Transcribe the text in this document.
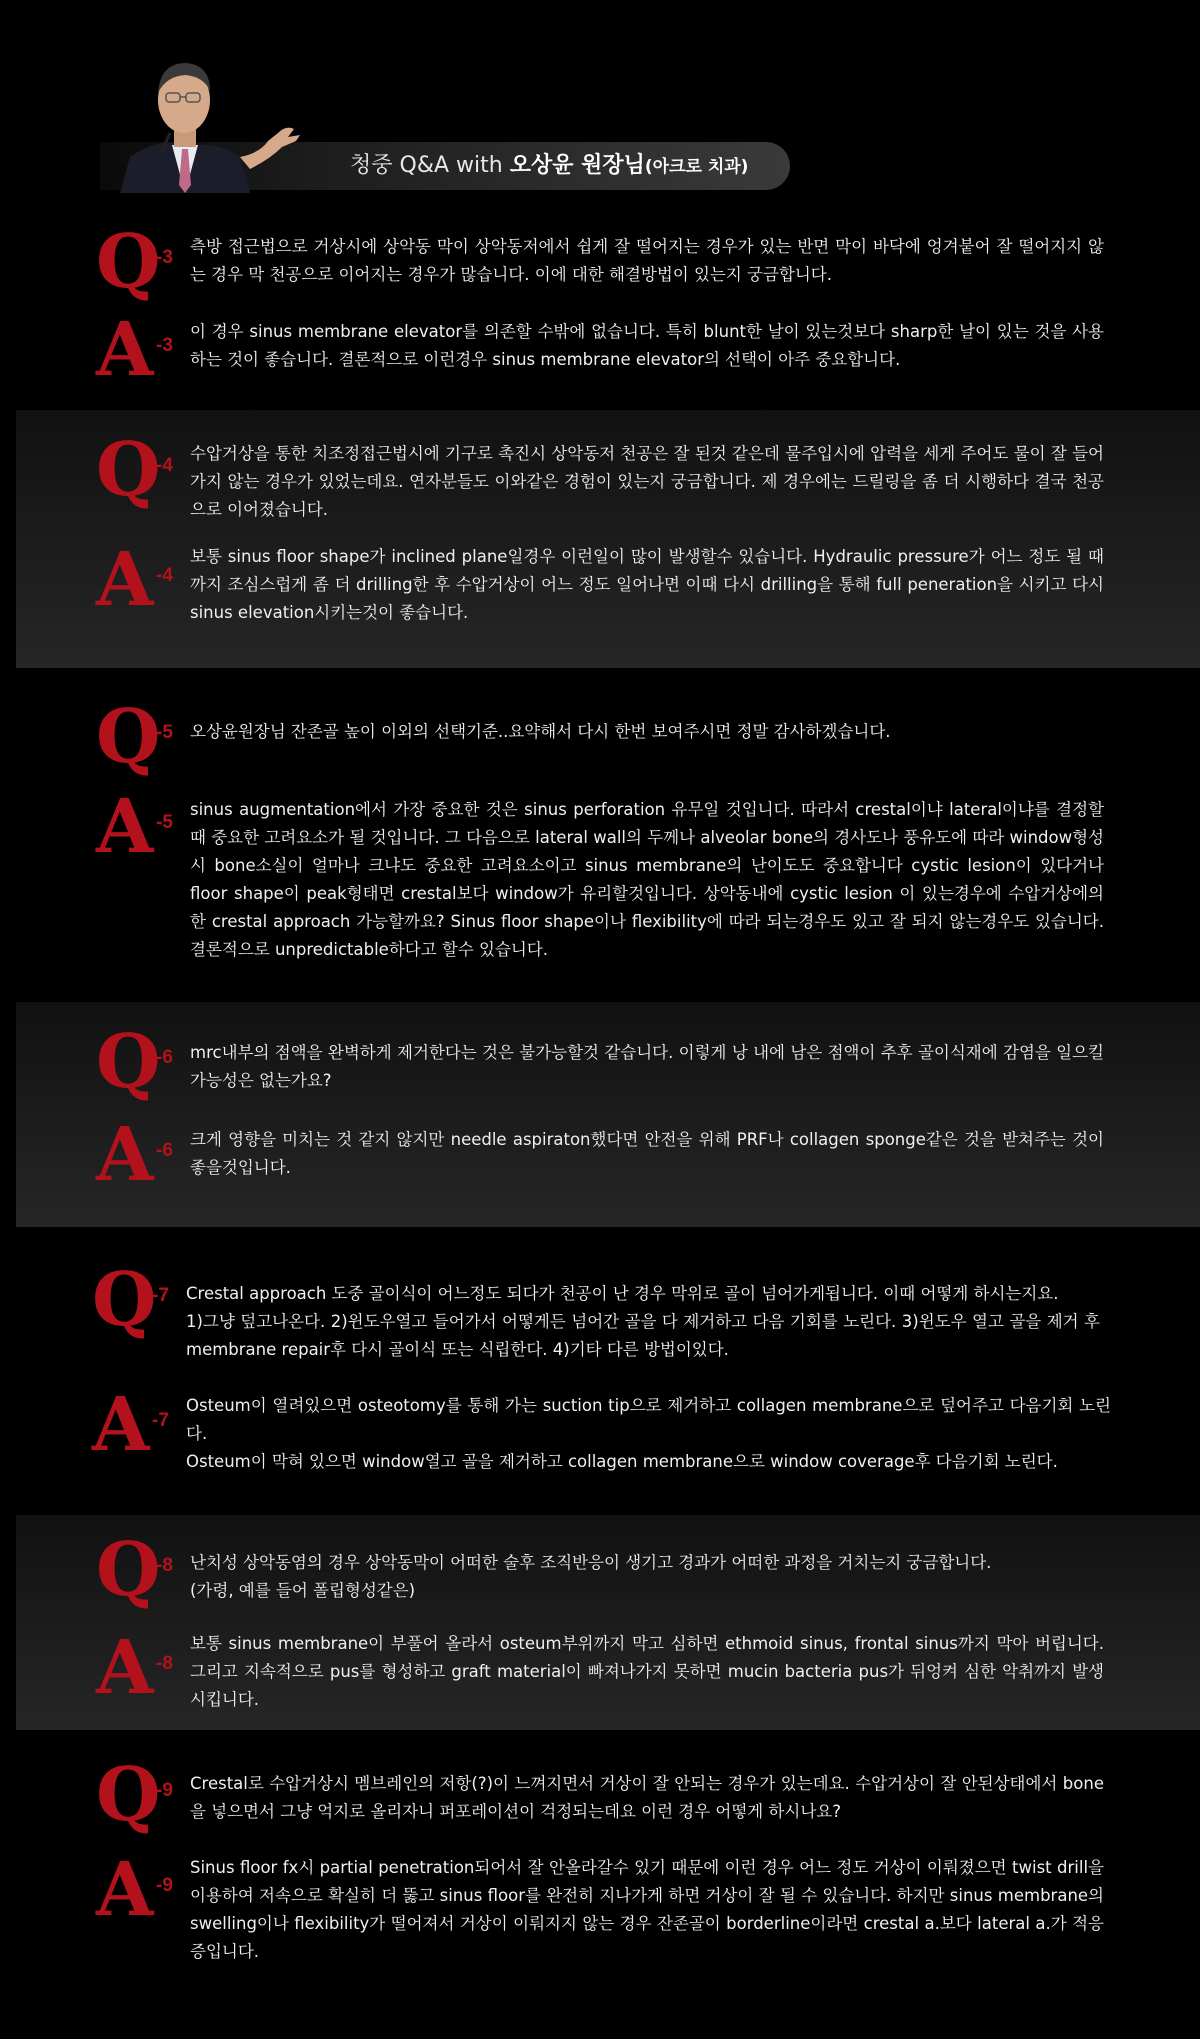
청중 Q&A with 오상윤 원장님(아크로 치과)
Q
-3
측방 접근법으로 거상시에 상악동 막이 상악동저에서 쉽게 잘 떨어지는 경우가 있는 반면 막이 바닥에 엉겨붙어 잘 떨어지지 않는 경우 막 천공으로 이어지는 경우가 많습니다. 이에 대한 해결방법이 있는지 궁금합니다.
A -3
이 경우 sinus membrane elevator를 의존할 수밖에 없습니다. 특히 blunt한 날이 있는것보다 sharp한 날이 있는 것을 사용하는 것이 좋습니다. 결론적으로 이런경우 sinus membrane elevator의 선택이 아주 중요합니다.
Q
-4
수압거상을 통한 치조정접근법시에 기구로 촉진시 상악동저 천공은 잘 된것 같은데 물주입시에 압력을 세게 주어도 물이 잘 들어가지 않는 경우가 있었는데요. 연자분들도 이와같은 경험이 있는지 궁금합니다. 제 경우에는 드릴링을 좀 더 시행하다 결국 천공으로 이어졌습니다.
A -4
보통 sinus floor shape가 inclined plane일경우 이런일이 많이 발생할수 있습니다. Hydraulic pressure가 어느 정도 될 때까지 조심스럽게 좀 더 drilling한 후 수압거상이 어느 정도 일어나면 이때 다시 drilling을 통해 full peneration을 시키고 다시 sinus elevation시키는것이 좋습니다.
Q
-5 오상윤원장님 잔존골 높이 이외의 선택기준..요약해서 다시 한번 보여주시면 정말 감사하겠습니다.
A -5
sinus augmentation에서 가장 중요한 것은 sinus perforation 유무일 것입니다. 따라서 crestal이냐 lateral이냐를 결정할 때 중요한 고려요소가 될 것입니다. 그 다음으로 lateral wall의 두께나 alveolar bone의 경사도나 풍유도에 따라 window형성 시 bone소실이 얼마나 크냐도 중요한 고려요소이고 sinus membrane의 난이도도 중요합니다 cystic lesion이 있다거나 floor shape이 peak형태면 crestal보다 window가 유리할것입니다. 상악동내에 cystic lesion 이 있는경우에 수압거상에의한 crestal approach 가능할까요? Sinus floor shape이나 flexibility에 따라 되는경우도 있고 잘 되지 않는경우도 있습니다. 결론적으로 unpredictable하다고 할수 있습니다.
Q
-6 mrc내부의 점액을 완벽하게 제거한다는 것은 불가능할것 같습니다. 이렇게 낭 내에 남은 점액이 추후 골이식재에 감염을 일으킬 가능성은 없는가요?
A -6
크게 영향을 미치는 것 같지 않지만 needle aspiraton했다면 안전을 위해 PRF나 collagen sponge같은 것을 받쳐주는 것이 좋을것입니다.
Q
-7 Crestal approach 도중 골이식이 어느정도 되다가 천공이 난 경우 막위로 골이 넘어가게됩니다. 이때 어떻게 하시는지요.
1)그냥 덮고나온다. 2)윈도우열고 들어가서 어떻게든 넘어간 골을 다 제거하고 다음 기회를 노린다. 3)윈도우 열고 골을 제거 후 membrane repair후 다시 골이식 또는 식립한다. 4)기타 다른 방법이있다.
A -7
Osteum이 열려있으면 osteotomy를 통해 가는 suction tip으로 제거하고 collagen membrane으로 덮어주고 다음기회 노린다.
Osteum이 막혀 있으면 window열고 골을 제거하고 collagen membrane으로 window coverage후 다음기회 노린다.
Q
-8 난치성 상악동염의 경우 상악동막이 어떠한 술후 조직반응이 생기고 경과가 어떠한 과정을 거치는지 궁금합니다.
(가령, 예를 들어 폴립형성같은)
A -8
보통 sinus membrane이 부풀어 올라서 osteum부위까지 막고 심하면 ethmoid sinus, frontal sinus까지 막아 버립니다. 그리고 지속적으로 pus를 형성하고 graft material이 빠져나가지 못하면 mucin bacteria pus가 뒤엉켜 심한 악취까지 발생시킵니다.
Q
-9 Crestal로 수압거상시 멤브레인의 저항(?)이 느껴지면서 거상이 잘 안되는 경우가 있는데요. 수압거상이 잘 안된상태에서 bone을 넣으면서 그냥 억지로 올리자니 퍼포레이션이 걱정되는데요 이런 경우 어떻게 하시나요?
A -9
Sinus floor fx시 partial penetration되어서 잘 안올라갈수 있기 때문에 이런 경우 어느 정도 거상이 이뤄졌으면 twist drill을 이용하여 저속으로 확실히 더 뚫고 sinus floor를 완전히 지나가게 하면 거상이 잘 될 수 있습니다. 하지만 sinus membrane의 swelling이나 flexibility가 떨어져서 거상이 이뤄지지 않는 경우 잔존골이 borderline이라면 crestal a.보다 lateral a.가 적응증입니다.
